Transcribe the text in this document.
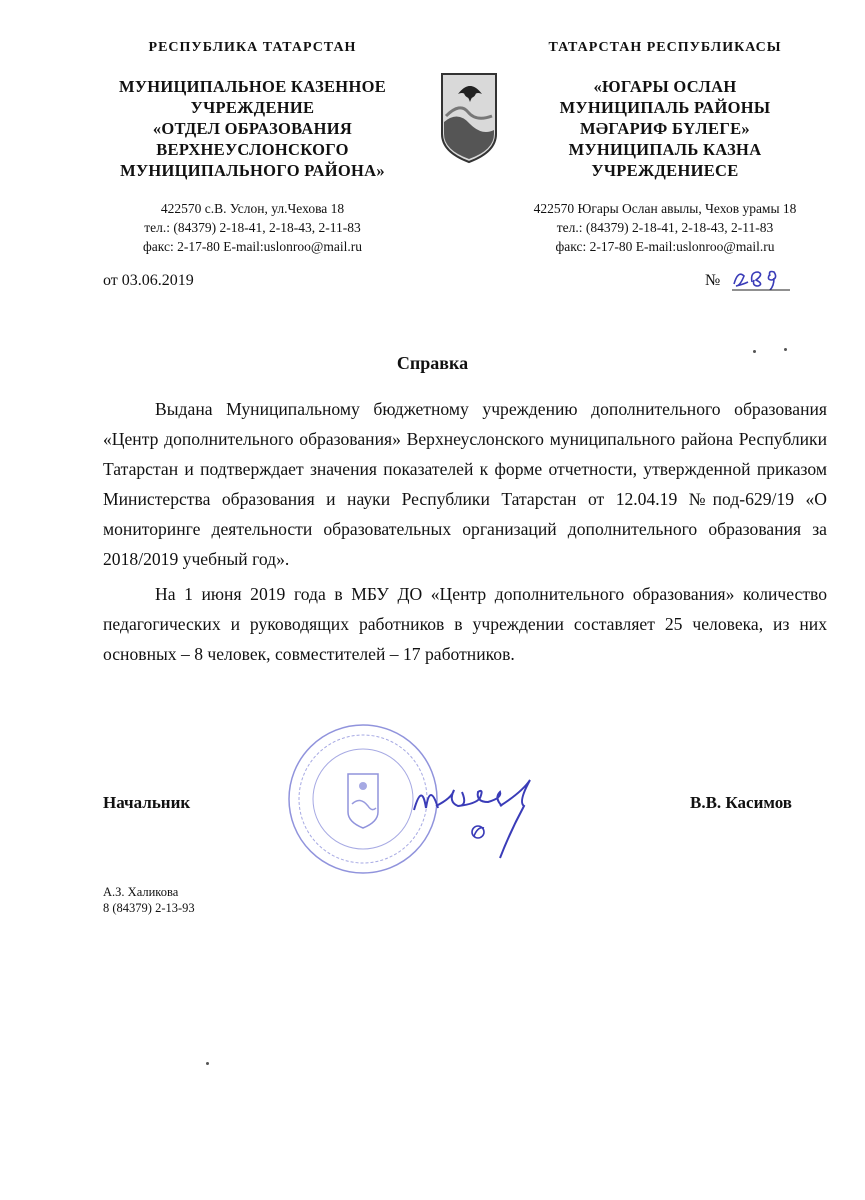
РЕСПУБЛИКА ТАТАРСТАН
МУНИЦИПАЛЬНОЕ КАЗЕННОЕ
УЧРЕЖДЕНИЕ
«ОТДЕЛ ОБРАЗОВАНИЯ
ВЕРХНЕУСЛОНСКОГО
МУНИЦИПАЛЬНОГО РАЙОНА»
422570 с.В. Услон, ул.Чехова 18
тел.: (84379) 2-18-41, 2-18-43, 2-11-83
факс: 2-17-80 E-mail:uslonroo@mail.ru
ТАТАРСТАН РЕСПУБЛИКАСЫ
«ЮГАРЫ ОСЛАН
МУНИЦИПАЛЬ РАЙОНЫ
МӘГАРИФ БҮЛЕГЕ»
МУНИЦИПАЛЬ КАЗНА
УЧРЕЖДЕНИЕСЕ
422570 Югары Ослан авылы, Чехов урамы 18
тел.: (84379) 2-18-41, 2-18-43, 2-11-83
факс: 2-17-80 E-mail:uslonroo@mail.ru
от 03.06.2019	№
Справка

Выдана Муниципальному бюджетному учреждению дополнительного образования «Центр дополнительного образования» Верхнеуслонского муниципального района Республики Татарстан и подтверждает значения показателей к форме отчетности, утвержденной приказом Министерства образования и науки Республики Татарстан от 12.04.19 №под-629/19 «О мониторинге деятельности образовательных организаций дополнительного образования за 2018/2019 учебный год».

На 1 июня 2019 года в МБУ ДО «Центр дополнительного образования» количество педагогических и руководящих работников в учреждении составляет 25 человека, из них основных – 8 человек, совместителей – 17 работников.

Начальник	В.В. Касимов
А.З. Халикова
8 (84379) 2-13-93
